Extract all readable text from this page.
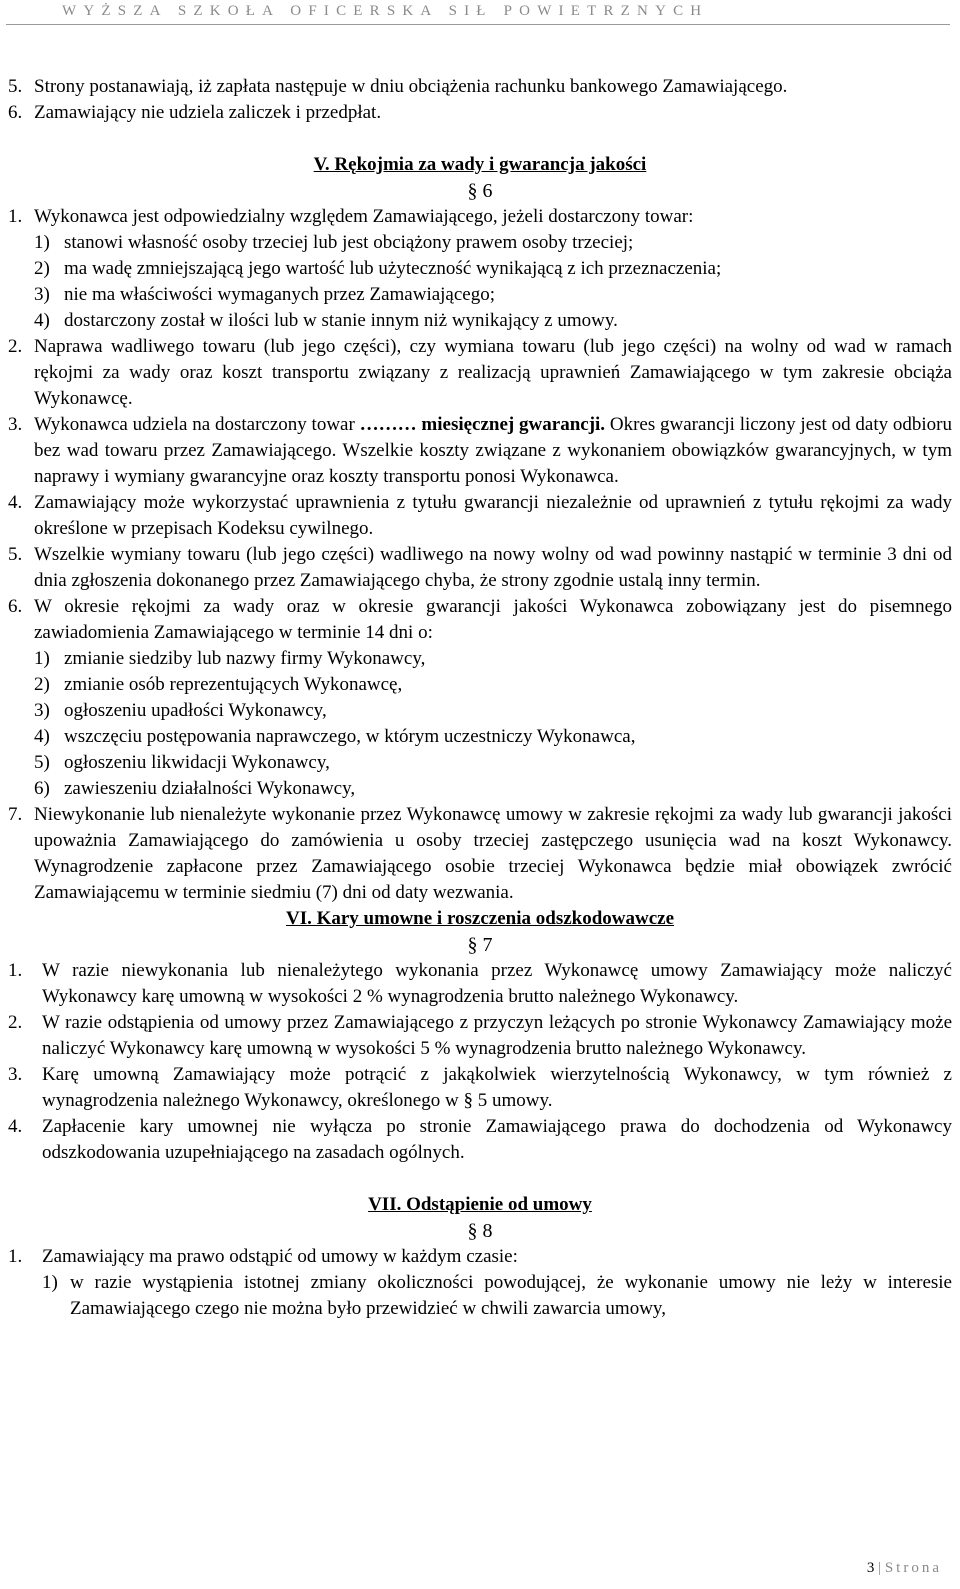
WYŻSZA SZKOŁA OFICERSKA SIŁ POWIETRZNYCH
5. Strony postanawiają, iż zapłata następuje w dniu obciążenia rachunku bankowego Zamawiającego.
6. Zamawiający nie udziela zaliczek i przedpłat.
V. Rękojmia za wady i gwarancja jakości
§ 6
1. Wykonawca jest odpowiedzialny względem Zamawiającego, jeżeli dostarczony towar:
1) stanowi własność osoby trzeciej lub jest obciążony prawem osoby trzeciej;
2) ma wadę zmniejszającą jego wartość lub użyteczność wynikającą z ich przeznaczenia;
3) nie ma właściwości wymaganych przez Zamawiającego;
4) dostarczony został w ilości lub w stanie innym niż wynikający z umowy.
2. Naprawa wadliwego towaru (lub jego części), czy wymiana towaru (lub jego części) na wolny od wad w ramach rękojmi za wady oraz koszt transportu związany z realizacją uprawnień Zamawiającego w tym zakresie obciąża Wykonawcę.
3. Wykonawca udziela na dostarczony towar ……… miesięcznej gwarancji. Okres gwarancji liczony jest od daty odbioru bez wad towaru przez Zamawiającego. Wszelkie koszty związane z wykonaniem obowiązków gwarancyjnych, w tym naprawy i wymiany gwarancyjne oraz koszty transportu ponosi Wykonawca.
4. Zamawiający może wykorzystać uprawnienia z tytułu gwarancji niezależnie od uprawnień z tytułu rękojmi za wady określone w przepisach Kodeksu cywilnego.
5. Wszelkie wymiany towaru (lub jego części) wadliwego na nowy wolny od wad powinny nastąpić w terminie 3 dni od dnia zgłoszenia dokonanego przez Zamawiającego chyba, że strony zgodnie ustalą inny termin.
6. W okresie rękojmi za wady oraz w okresie gwarancji jakości Wykonawca zobowiązany jest do pisemnego zawiadomienia Zamawiającego w terminie 14 dni o:
1) zmianie siedziby lub nazwy firmy Wykonawcy,
2) zmianie osób reprezentujących Wykonawcę,
3) ogłoszeniu upadłości Wykonawcy,
4) wszczęciu postępowania naprawczego, w którym uczestniczy Wykonawca,
5) ogłoszeniu likwidacji Wykonawcy,
6) zawieszeniu działalności Wykonawcy,
7. Niewykonanie lub nienależyte wykonanie przez Wykonawcę umowy w zakresie rękojmi za wady lub gwarancji jakości upoważnia Zamawiającego do zamówienia u osoby trzeciej zastępczego usunięcia wad na koszt Wykonawcy. Wynagrodzenie zapłacone przez Zamawiającego osobie trzeciej Wykonawca będzie miał obowiązek zwrócić Zamawiającemu w terminie siedmiu (7) dni od daty wezwania.
VI. Kary umowne i roszczenia odszkodowawcze
§ 7
1. W razie niewykonania lub nienależytego wykonania przez Wykonawcę umowy Zamawiający może naliczyć Wykonawcy karę umowną w wysokości 2 % wynagrodzenia brutto należnego Wykonawcy.
2. W razie odstąpienia od umowy przez Zamawiającego z przyczyn leżących po stronie Wykonawcy Zamawiający może naliczyć Wykonawcy karę umowną w wysokości 5 % wynagrodzenia brutto należnego Wykonawcy.
3. Karę umowną Zamawiający może potrącić z jakąkolwiek wierzytelnością Wykonawcy, w tym również z wynagrodzenia należnego Wykonawcy, określonego w § 5 umowy.
4. Zapłacenie kary umownej nie wyłącza po stronie Zamawiającego prawa do dochodzenia od Wykonawcy odszkodowania uzupełniającego na zasadach ogólnych.
VII. Odstąpienie od umowy
§ 8
1. Zamawiający ma prawo odstąpić od umowy w każdym czasie:
1) w razie wystąpienia istotnej zmiany okoliczności powodującej, że wykonanie umowy nie leży w interesie Zamawiającego czego nie można było przewidzieć w chwili zawarcia umowy,
3 | Strona
